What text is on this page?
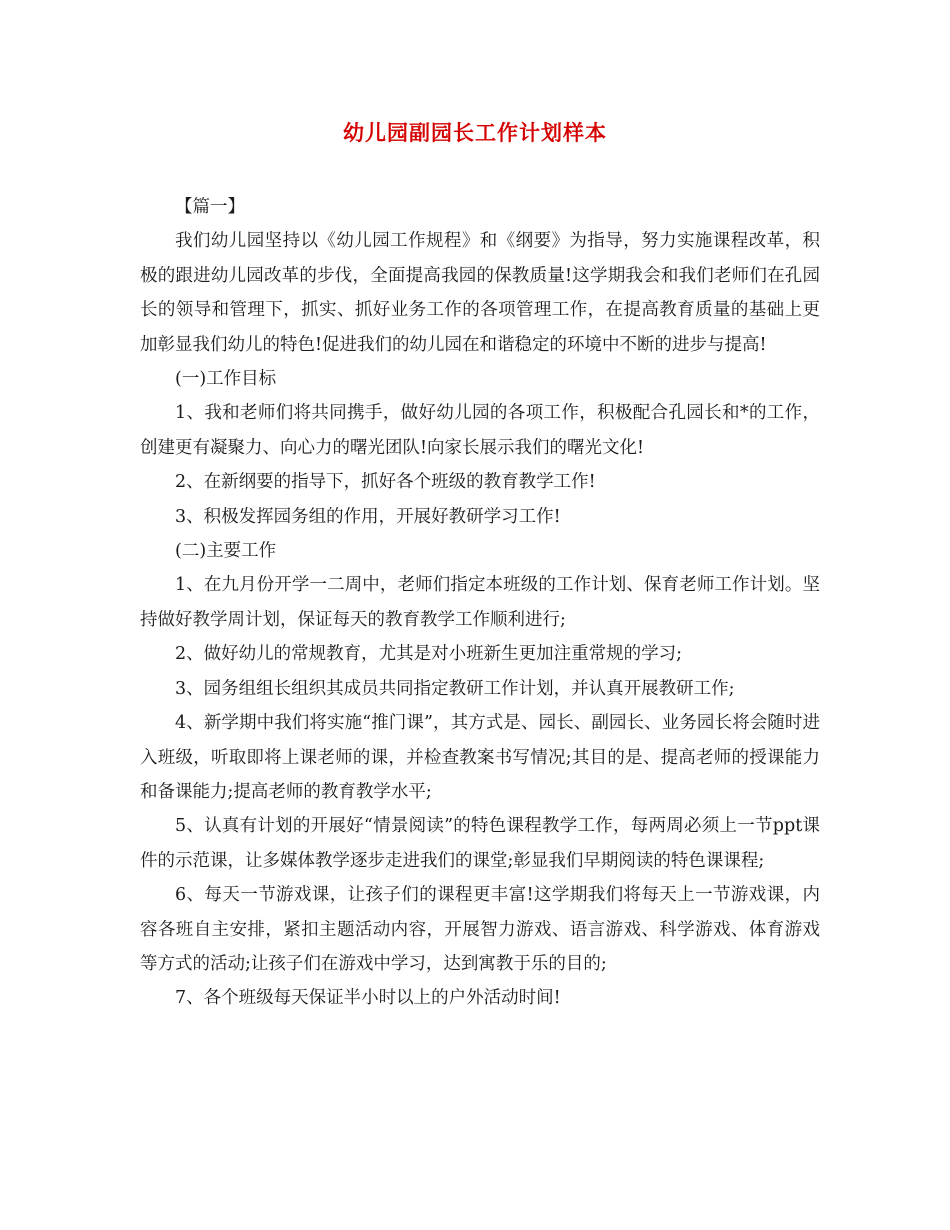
幼儿园副园长工作计划样本

【篇一】

我们幼儿园坚持以《幼儿园工作规程》和《纲要》为指导，努力实施课程改革，积极的跟进幼儿园改革的步伐，全面提高我园的保教质量!这学期我会和我们老师们在孔园长的领导和管理下，抓实、抓好业务工作的各项管理工作，在提高教育质量的基础上更加彰显我们幼儿的特色!促进我们的幼儿园在和谐稳定的环境中不断的进步与提高!

(一)工作目标

1、我和老师们将共同携手，做好幼儿园的各项工作，积极配合孔园长和*的工作，创建更有凝聚力、向心力的曙光团队!向家长展示我们的曙光文化!

2、在新纲要的指导下，抓好各个班级的教育教学工作!

3、积极发挥园务组的作用，开展好教研学习工作!

(二)主要工作

1、在九月份开学一二周中，老师们指定本班级的工作计划、保育老师工作计划。坚持做好教学周计划，保证每天的教育教学工作顺利进行;

2、做好幼儿的常规教育，尤其是对小班新生更加注重常规的学习;

3、园务组组长组织其成员共同指定教研工作计划，并认真开展教研工作;

4、新学期中我们将实施“推门课”，其方式是、园长、副园长、业务园长将会随时进入班级，听取即将上课老师的课，并检查教案书写情况;其目的是、提高老师的授课能力和备课能力;提高老师的教育教学水平;

5、认真有计划的开展好“情景阅读”的特色课程教学工作，每两周必须上一节ppt课件的示范课，让多媒体教学逐步走进我们的课堂;彰显我们早期阅读的特色课课程;

6、每天一节游戏课，让孩子们的课程更丰富!这学期我们将每天上一节游戏课，内容各班自主安排，紧扣主题活动内容，开展智力游戏、语言游戏、科学游戏、体育游戏等方式的活动;让孩子们在游戏中学习，达到寓教于乐的目的;

7、各个班级每天保证半小时以上的户外活动时间!
